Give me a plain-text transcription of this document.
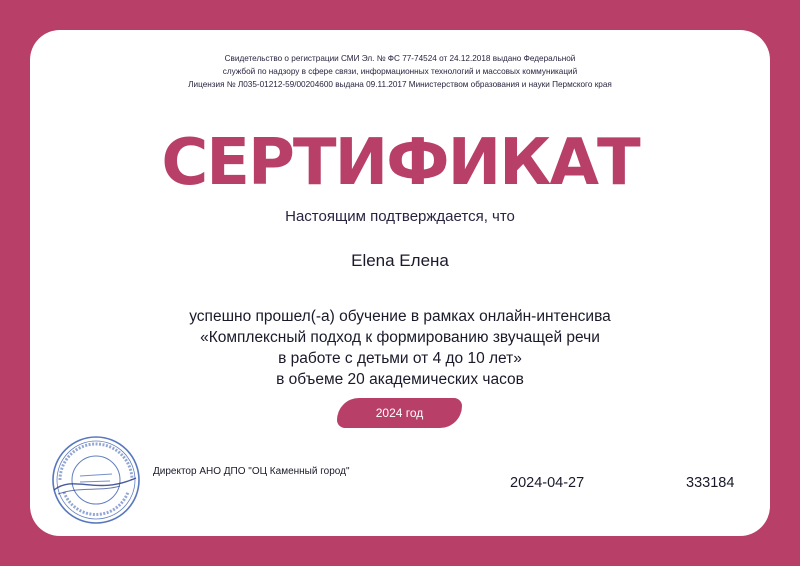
Свидетельство о регистрации СМИ Эл. № ФС 77-74524 от 24.12.2018 выдано Федеральной
службой по надзору в сфере связи, информационных технологий и массовых коммуникаций
Лицензия № Л035-01212-59/00204600 выдана 09.11.2017 Министерством образования и науки Пермского края
СЕРТИФИКАТ
Настоящим подтверждается, что
Elena Елена
успешно прошел(-а) обучение в рамках онлайн-интенсива
«Комплексный подход к формированию звучащей речи
в работе с детьми от 4 до 10 лет»
в объеме 20 академических часов
2024 год
Директор АНО ДПО "ОЦ Каменный город"
2024-04-27	333184
